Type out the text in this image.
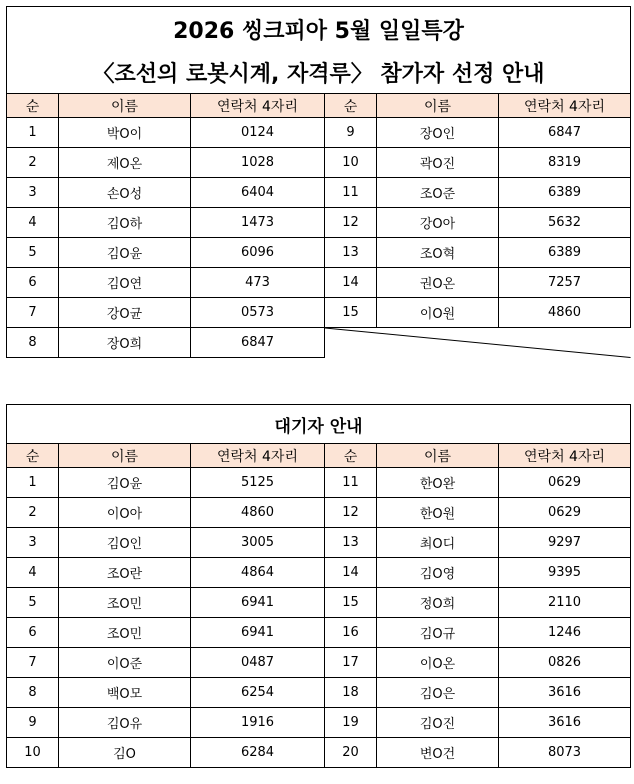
2026 씽크피아 5월 일일특강					
〈조선의 로봇시계, 자격루〉 참가자 선정 안내					
순	이름	연락처 4자리	순	이름	연락처 4자리
1	박O이	0124	9	장O인	6847
2	제O온	1028	10	곽O진	8319
3	손O성	6404	11	조O준	6389
4	김O하	1473	12	강O아	5632
5	김O윤	6096	13	조O혁	6389
6	김O연	473	14	권O온	7257
7	강O균	0573	15	이O원	4860
8	장O희	6847	
대기자 안내					
순	이름	연락처 4자리	순	이름	연락처 4자리
1	김O윤	5125	11	한O완	0629
2	이O아	4860	12	한O원	0629
3	김O인	3005	13	최O디	9297
4	조O란	4864	14	김O영	9395
5	조O민	6941	15	정O희	2110
6	조O민	6941	16	김O규	1246
7	이O준	0487	17	이O온	0826
8	백O모	6254	18	김O은	3616
9	김O유	1916	19	김O진	3616
10	김O	6284	20	변O건	8073
